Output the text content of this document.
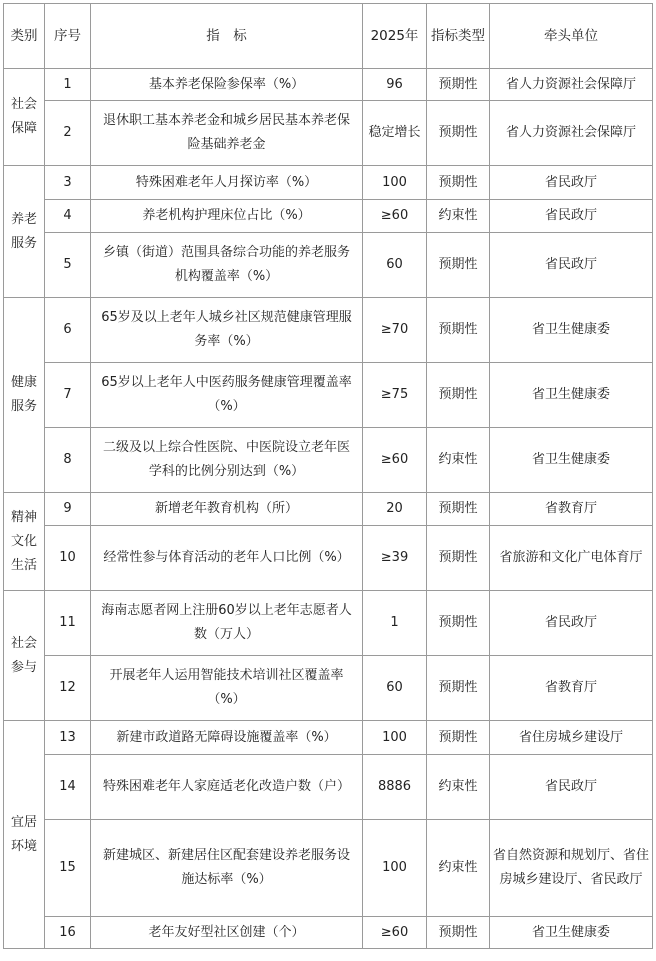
类别	序号	指　标	2025年	指标类型	牵头单位
社会保障	1	基本养老保险参保率（%）	96	预期性	省人力资源社会保障厅
	2	退休职工基本养老金和城乡居民基本养老保险基础养老金	稳定增长	预期性	省人力资源社会保障厅
养老服务	3	特殊困难老年人月探访率（%）	100	预期性	省民政厅
	4	养老机构护理床位占比（%）	≥60	约束性	省民政厅
	5	乡镇（街道）范围具备综合功能的养老服务机构覆盖率（%）	60	预期性	省民政厅
健康服务	6	65岁及以上老年人城乡社区规范健康管理服务率（%）	≥70	预期性	省卫生健康委
	7	65岁以上老年人中医药服务健康管理覆盖率（%）	≥75	预期性	省卫生健康委
	8	二级及以上综合性医院、中医院设立老年医学科的比例分别达到（%）	≥60	约束性	省卫生健康委
精神文化生活	9	新增老年教育机构（所）	20	预期性	省教育厅
	10	经常性参与体育活动的老年人口比例（%）	≥39	预期性	省旅游和文化广电体育厅
社会参与	11	海南志愿者网上注册60岁以上老年志愿者人数（万人）	1	预期性	省民政厅
	12	开展老年人运用智能技术培训社区覆盖率（%）	60	预期性	省教育厅
宜居环境	13	新建市政道路无障碍设施覆盖率（%）	100	预期性	省住房城乡建设厅
	14	特殊困难老年人家庭适老化改造户数（户）	8886	约束性	省民政厅
	15	新建城区、新建居住区配套建设养老服务设施达标率（%）	100	约束性	省自然资源和规划厅、省住房城乡建设厅、省民政厅
	16	老年友好型社区创建（个）	≥60	预期性	省卫生健康委
